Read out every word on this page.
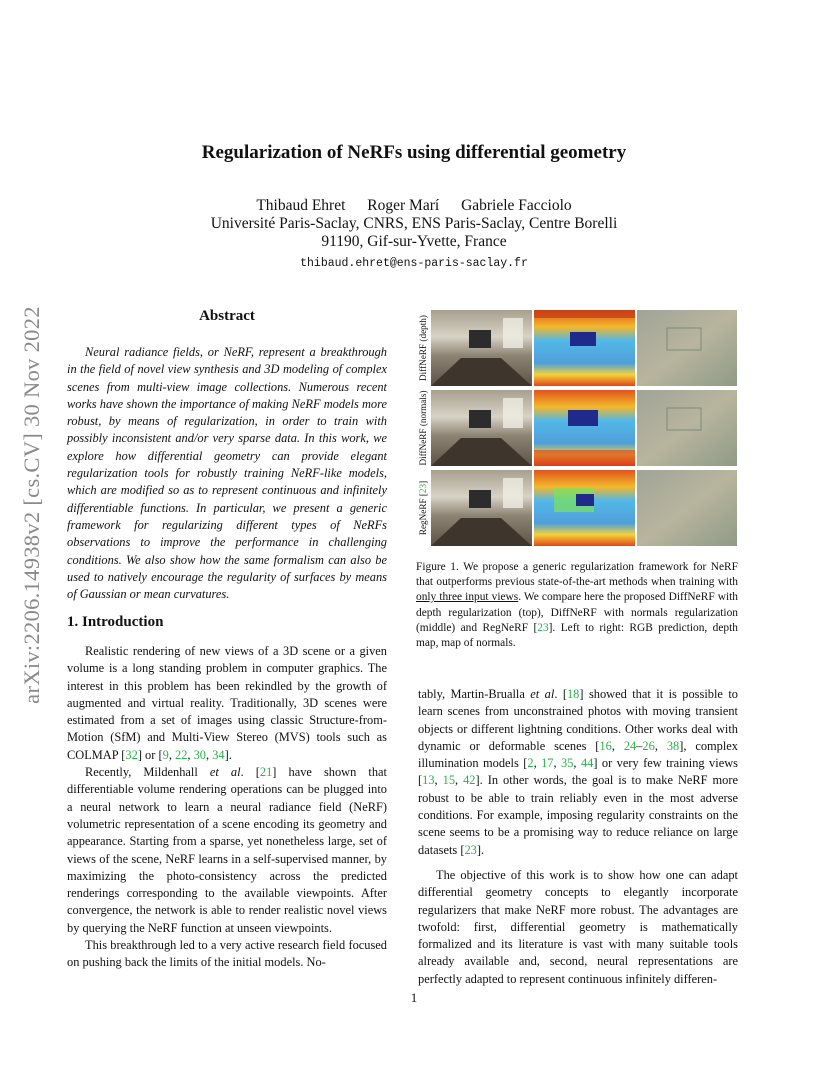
arXiv:2206.14938v2 [cs.CV] 30 Nov 2022
Regularization of NeRFs using differential geometry
Thibaud Ehret Roger Marí Gabriele Facciolo
Université Paris-Saclay, CNRS, ENS Paris-Saclay, Centre Borelli
91190, Gif-sur-Yvette, France
thibaud.ehret@ens-paris-saclay.fr
Abstract
Neural radiance fields, or NeRF, represent a breakthrough in the field of novel view synthesis and 3D modeling of complex scenes from multi-view image collections. Numerous recent works have shown the importance of making NeRF models more robust, by means of regularization, in order to train with possibly inconsistent and/or very sparse data. In this work, we explore how differential geometry can provide elegant regularization tools for robustly training NeRF-like models, which are modified so as to represent continuous and infinitely differentiable functions. In particular, we present a generic framework for regularizing different types of NeRFs observations to improve the performance in challenging conditions. We also show how the same formalism can also be used to natively encourage the regularity of surfaces by means of Gaussian or mean curvatures.
1. Introduction

Realistic rendering of new views of a 3D scene or a given volume is a long standing problem in computer graphics. The interest in this problem has been rekindled by the growth of augmented and virtual reality. Traditionally, 3D scenes were estimated from a set of images using classic Structure-from-Motion (SfM) and Multi-View Stereo (MVS) tools such as COLMAP [32] or [9, 22, 30, 34].

Recently, Mildenhall et al. [21] have shown that differentiable volume rendering operations can be plugged into a neural network to learn a neural radiance field (NeRF) volumetric representation of a scene encoding its geometry and appearance. Starting from a sparse, yet nonetheless large, set of views of the scene, NeRF learns in a self-supervised manner, by maximizing the photo-consistency across the predicted renderings corresponding to the available viewpoints. After convergence, the network is able to render realistic novel views by querying the NeRF function at unseen viewpoints.

This breakthrough led to a very active research field focused on pushing back the limits of the initial models. No-

tably, Martin-Brualla et al. [18] showed that it is possible to learn scenes from unconstrained photos with moving transient objects or different lightning conditions. Other works deal with dynamic or deformable scenes [16, 24–26, 38], complex illumination models [2, 17, 35, 44] or very few training views [13, 15, 42]. In other words, the goal is to make NeRF more robust to be able to train reliably even in the most adverse conditions. For example, imposing regularity constraints on the scene seems to be a promising way to reduce reliance on large datasets [23].

The objective of this work is to show how one can adapt differential geometry concepts to elegantly incorporate regularizers that make NeRF more robust. The advantages are twofold: first, differential geometry is mathematically formalized and its literature is vast with many suitable tools already available and, second, neural representations are perfectly adapted to represent continuous infinitely differen-

DiffNeRF (depth)
DiffNeRF (normals)
RegNeRF [23]
Figure 1. We propose a generic regularization framework for NeRF that outperforms previous state-of-the-art methods when training with only three input views. We compare here the proposed DiffNeRF with depth regularization (top), DiffNeRF with normals regularization (middle) and RegNeRF [23]. Left to right: RGB prediction, depth map, map of normals.
1
